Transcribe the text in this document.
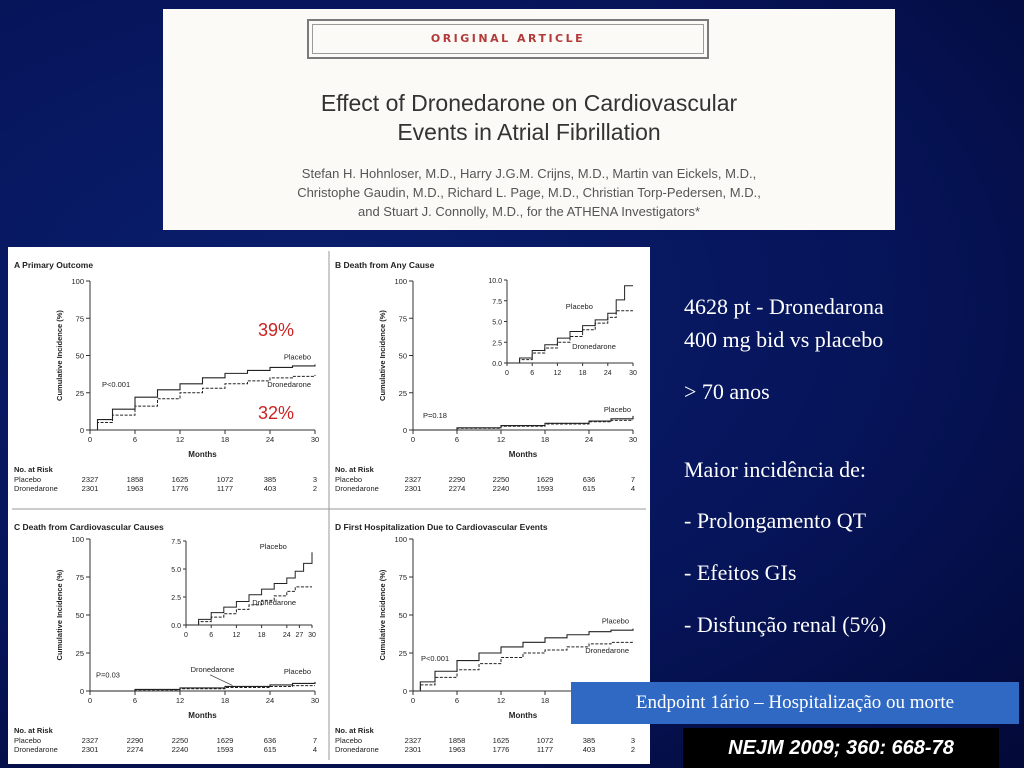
ORIGINAL ARTICLE
Effect of Dronedarone on Cardiovascular
Events in Atrial Fibrillation
Stefan H. Hohnloser, M.D., Harry J.G.M. Crijns, M.D., Martin van Eickels, M.D.,
Christophe Gaudin, M.D., Richard L. Page, M.D., Christian Torp-Pedersen, M.D.,
and Stuart J. Connolly, M.D., for the ATHENA Investigators*
A Primary Outcome
0
25
50
75
100
0	6	12	18	24	30
Months
Cumulative Incidence (%)	Placebo
Dronedarone
P<0.001
39%
32%
No. at Risk
Placebo	2327	1858	1625	1072	385	3
Dronedarone	2301	1963	1776	1177	403	2
B Death from Any Cause
0
25
50
75
100
0	6	12	18	24	30
Months
Cumulative Incidence (%)
Placebo
P=0.18
0.0
2.5
5.0
7.5
10.0
0	6	12 18 24 30
Placebo
Dronedarone
No. at Risk
Placebo	2327	2290	2250	1629	636	7
Dronedarone	2301	2274	2240	1593	615	4
C Death from Cardiovascular Causes
0
25
50
75
100
0	6	12	18	24	30
Months
Cumulative Incidence (%)
Placebo
Dronedarone
P=0.03
0.0
2.5
5.0
7.5
0	6	12 18 24 27 30
Placebo
Dronedarone
No. at Risk
Placebo	2327	2290	2250	1629	636	7
Dronedarone	2301	2274	2240	1593	615	4
D First Hospitalization Due to Cardiovascular Events
0
25
50
75
100
0	6	12	18
Months
Cumulative Incidence (%)	Placebo
Dronedarone
P<0.001
No. at Risk
Placebo	2327	1858	1625	1072	385	3
Dronedarone	2301	1963	1776	1177	403	2
4628 pt - Dronedarona
400 mg bid vs placebo
> 70 anos
Maior incidência de:
- Prolongamento QT
- Efeitos GIs
- Disfunção renal (5%)
Endpoint 1ário – Hospitalização ou morte
NEJM 2009; 360: 668-78
